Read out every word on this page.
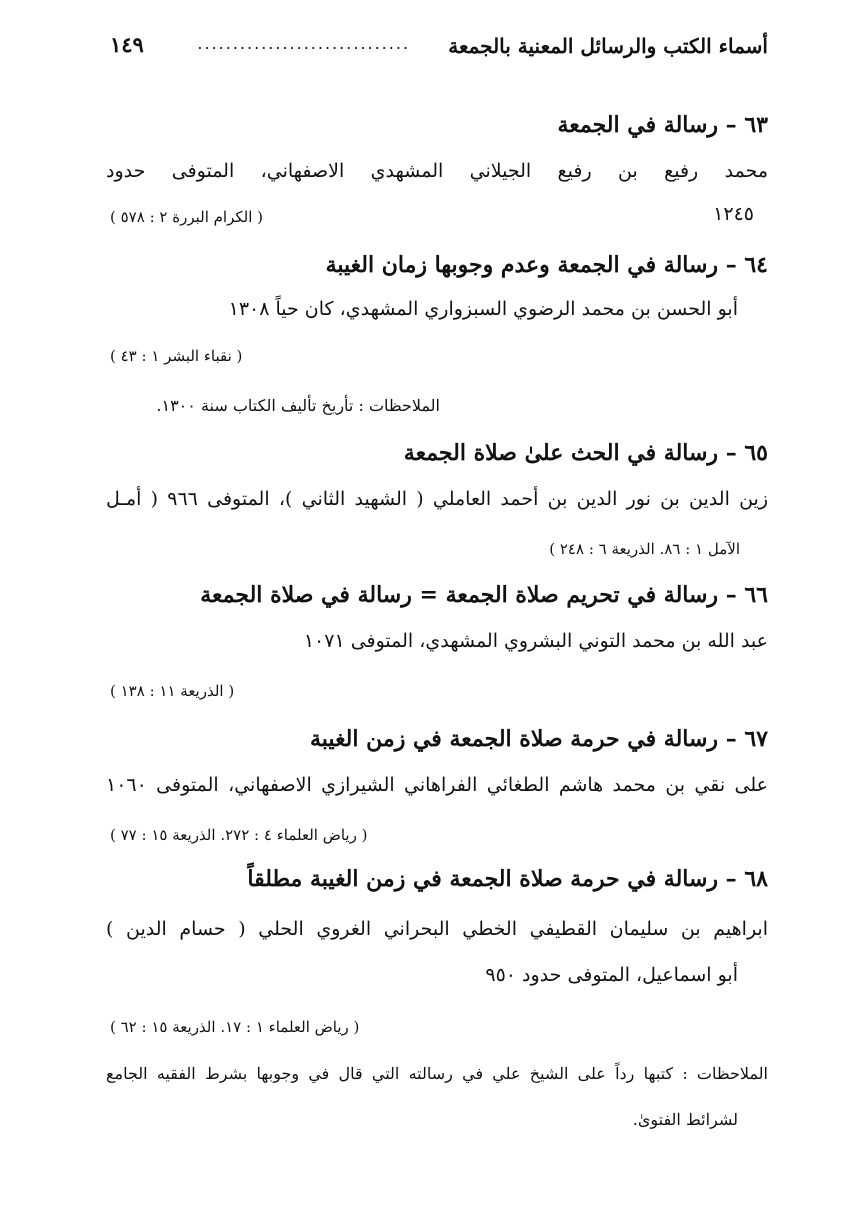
أسماء الكتب والرسائل المعنية بالجمعة
..............................
١٤٩
٦٣ – رسالة في الجمعة
محمد رفيع بن رفيع الجيلاني المشهدي الاصفهاني، المتوفى حدود
( الكرام البررة ٢ : ٥٧٨ )	١٢٤٥
٦٤ – رسالة في الجمعة وعدم وجوبها زمان الغيبة
أبو الحسن بن محمد الرضوي السبزواري المشهدي، كان حياً ١٣٠٨
( نقباء البشر ١ : ٤٣ )
الملاحظات : تأريخ تأليف الكتاب سنة ١٣٠٠.
٦٥ – رسالة في الحث علىٰ صلاة الجمعة
زين الدين بن نور الدين بن أحمد العاملي ( الشهيد الثاني )، المتوفى ٩٦٦ ( أمـل
الآمل ١ : ٨٦. الذريعة ٦ : ٢٤٨ )
٦٦ – رسالة في تحريم صلاة الجمعة = رسالة في صلاة الجمعة
عبد الله بن محمد التوني البشروي المشهدي، المتوفى ١٠٧١
( الذريعة ١١ : ١٣٨ )
٦٧ – رسالة في حرمة صلاة الجمعة في زمن الغيبة
على نقي بن محمد هاشم الطغائي الفراهاني الشيرازي الاصفهاني، المتوفى ١٠٦٠
( رياض العلماء ٤ : ٢٧٢. الذريعة ١٥ : ٧٧ )
٦٨ – رسالة في حرمة صلاة الجمعة في زمن الغيبة مطلقاً
ابراهيم بن سليمان القطيفي الخطي البحراني الغروي الحلي ( حسام الدين )
أبو اسماعيل، المتوفى حدود ٩٥٠
( رياض العلماء ١ : ١٧. الذريعة ١٥ : ٦٢ )
الملاحظات : كتبها رداً على الشيخ علي في رسالته التي قال في وجوبها بشرط الفقيه الجامع
لشرائط الفتوىٰ.
